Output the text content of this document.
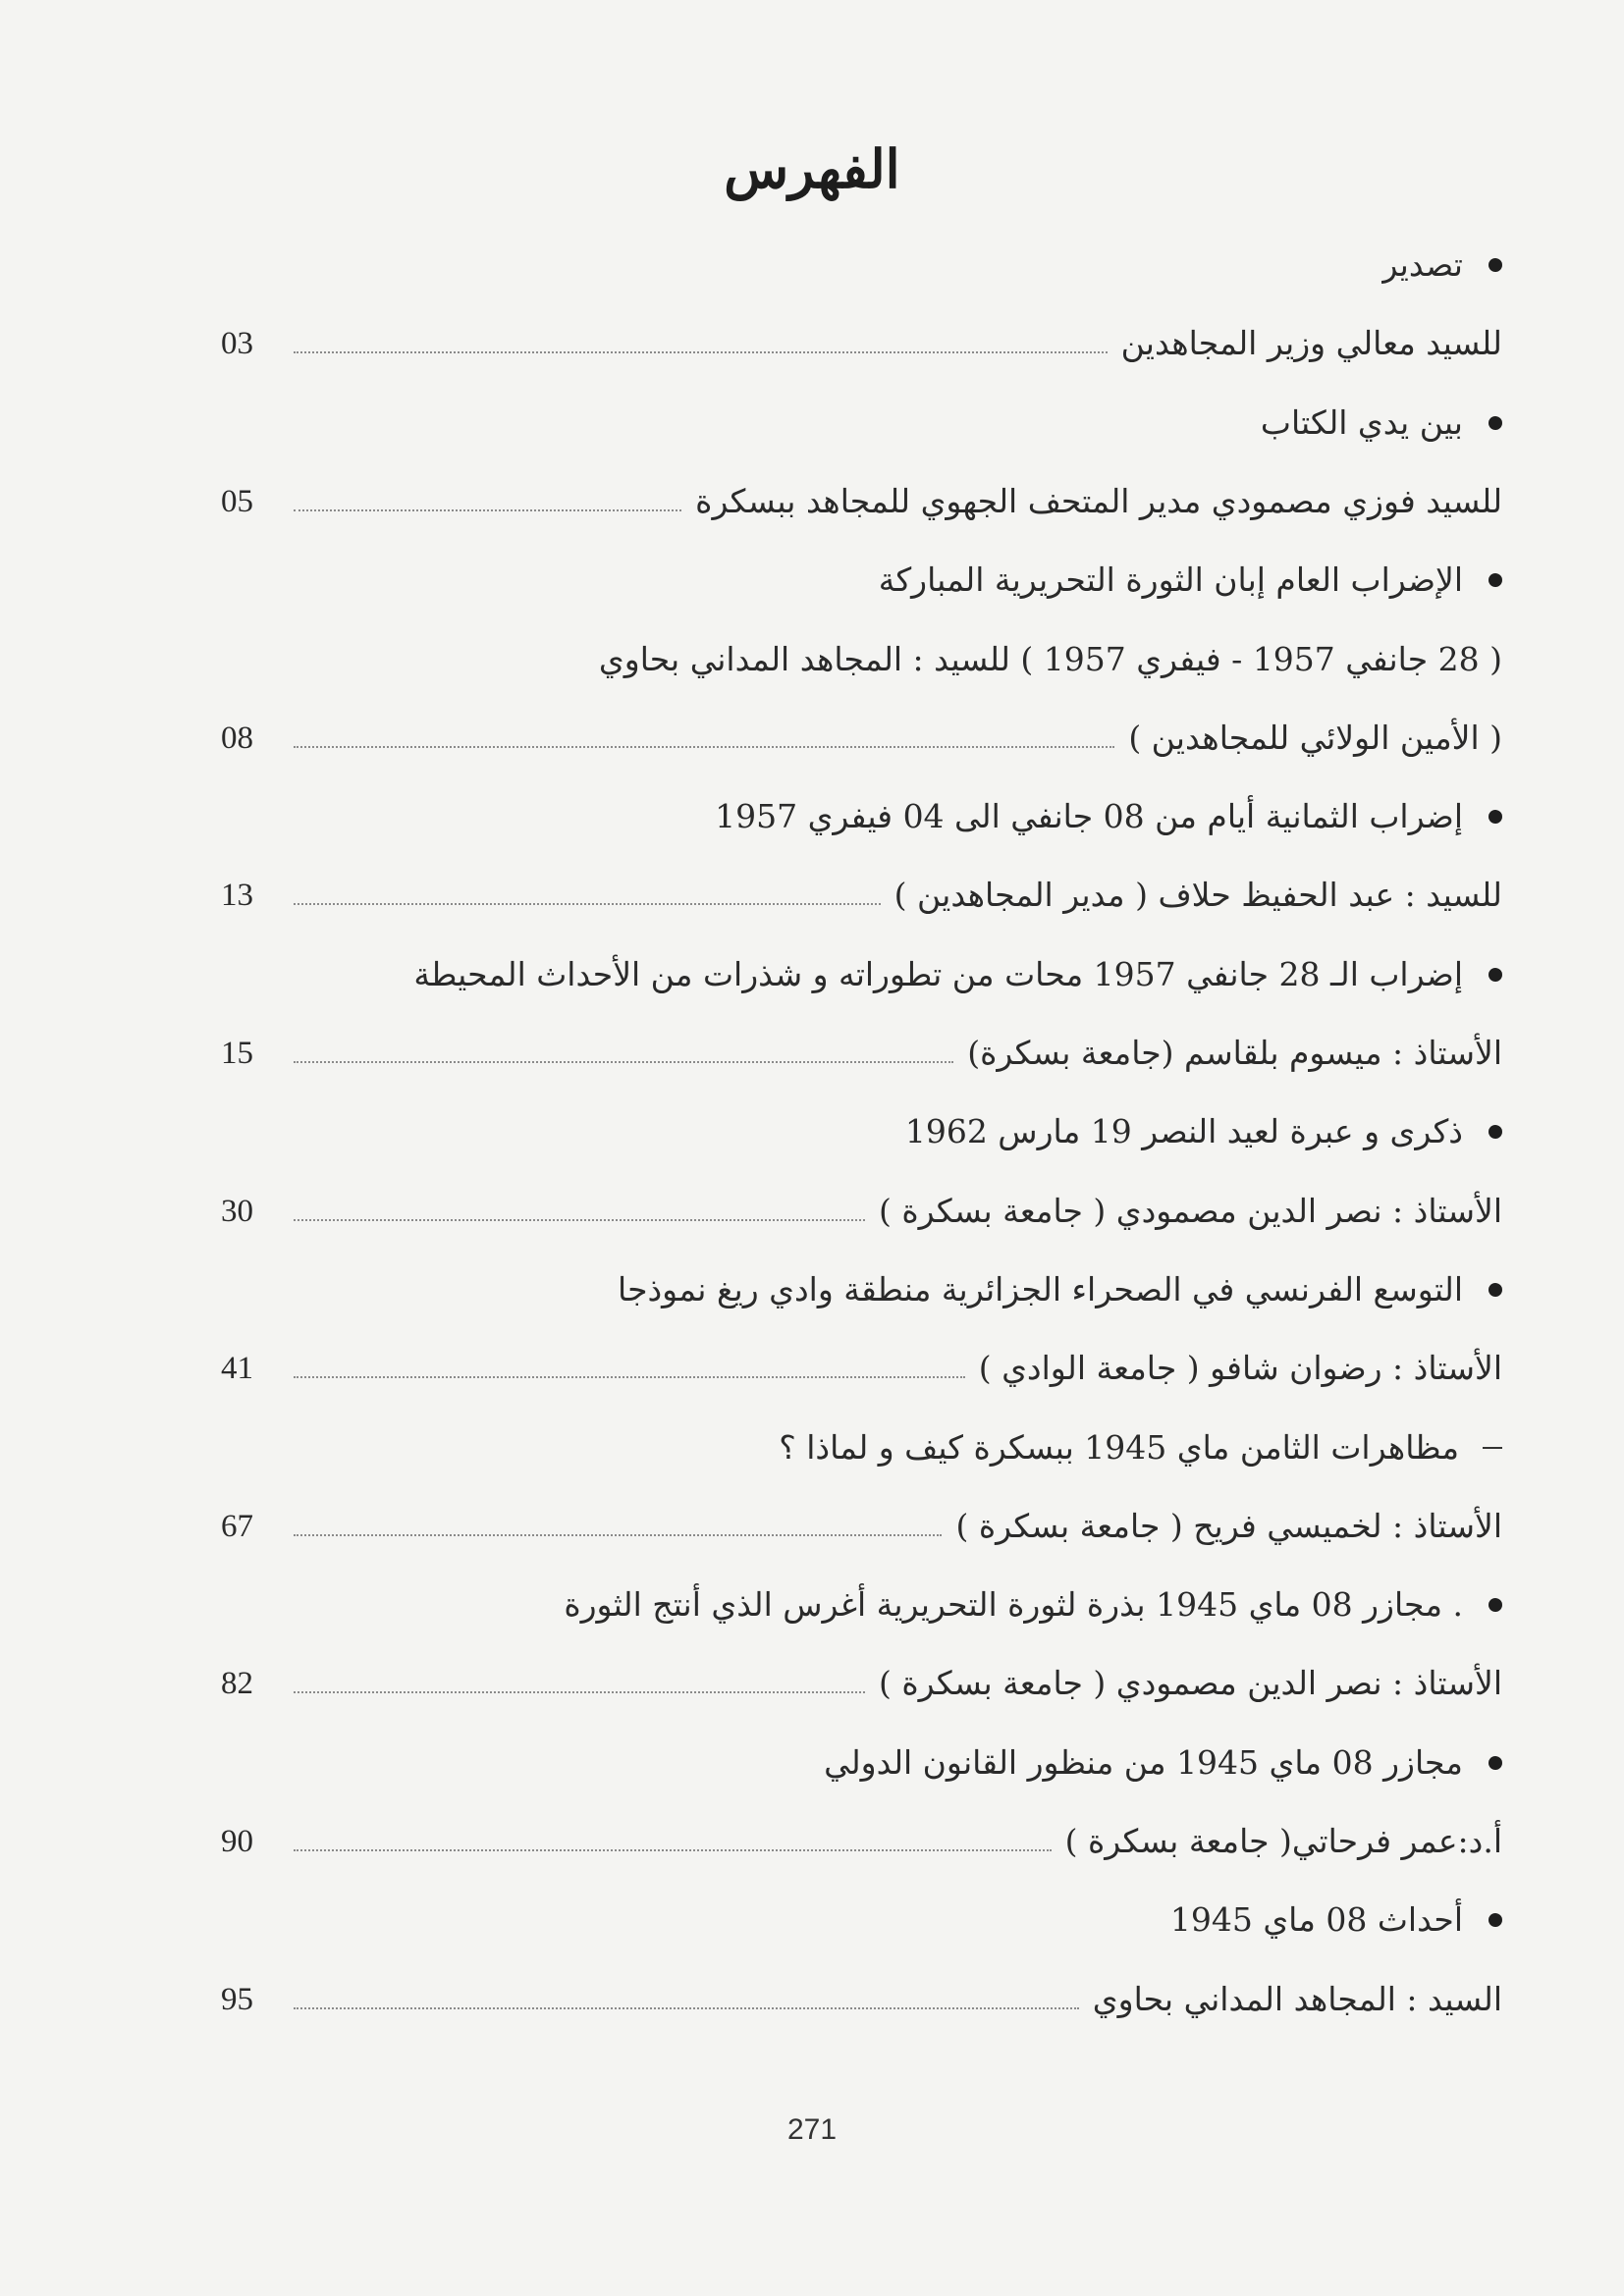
الفهرس
تصدير
للسيد معالي وزير المجاهدين
03
بين يدي الكتاب
للسيد فوزي مصمودي مدير المتحف الجهوي للمجاهد ببسكرة
05
الإضراب العام إبان الثورة التحريرية المباركة
( 28 جانفي 1957 - فيفري 1957 ) للسيد : المجاهد المداني بحاوي
( الأمين الولائي للمجاهدين )
08
إضراب الثمانية أيام من 08 جانفي الى 04 فيفري 1957
للسيد : عبد الحفيظ حلاف ( مدير المجاهدين )
13
إضراب الـ 28 جانفي 1957 محات من تطوراته و شذرات من الأحداث المحيطة
الأستاذ : ميسوم بلقاسم (جامعة بسكرة)
15
ذكرى و عبرة لعيد النصر 19 مارس 1962
الأستاذ : نصر الدين مصمودي ( جامعة بسكرة )
30
التوسع الفرنسي في الصحراء الجزائرية منطقة وادي ريغ نموذجا
الأستاذ : رضوان شافو ( جامعة الوادي )
41
مظاهرات الثامن ماي 1945 ببسكرة كيف و لماذا ؟
الأستاذ : لخميسي فريح ( جامعة بسكرة )
67
. مجازر 08 ماي 1945 بذرة لثورة التحريرية أغرس الذي أنتج الثورة
الأستاذ : نصر الدين مصمودي ( جامعة بسكرة )
82
مجازر 08 ماي 1945 من منظور القانون الدولي
أ.د:عمر فرحاتي( جامعة بسكرة )
90
أحداث 08 ماي 1945
السيد : المجاهد المداني بحاوي
95
271
